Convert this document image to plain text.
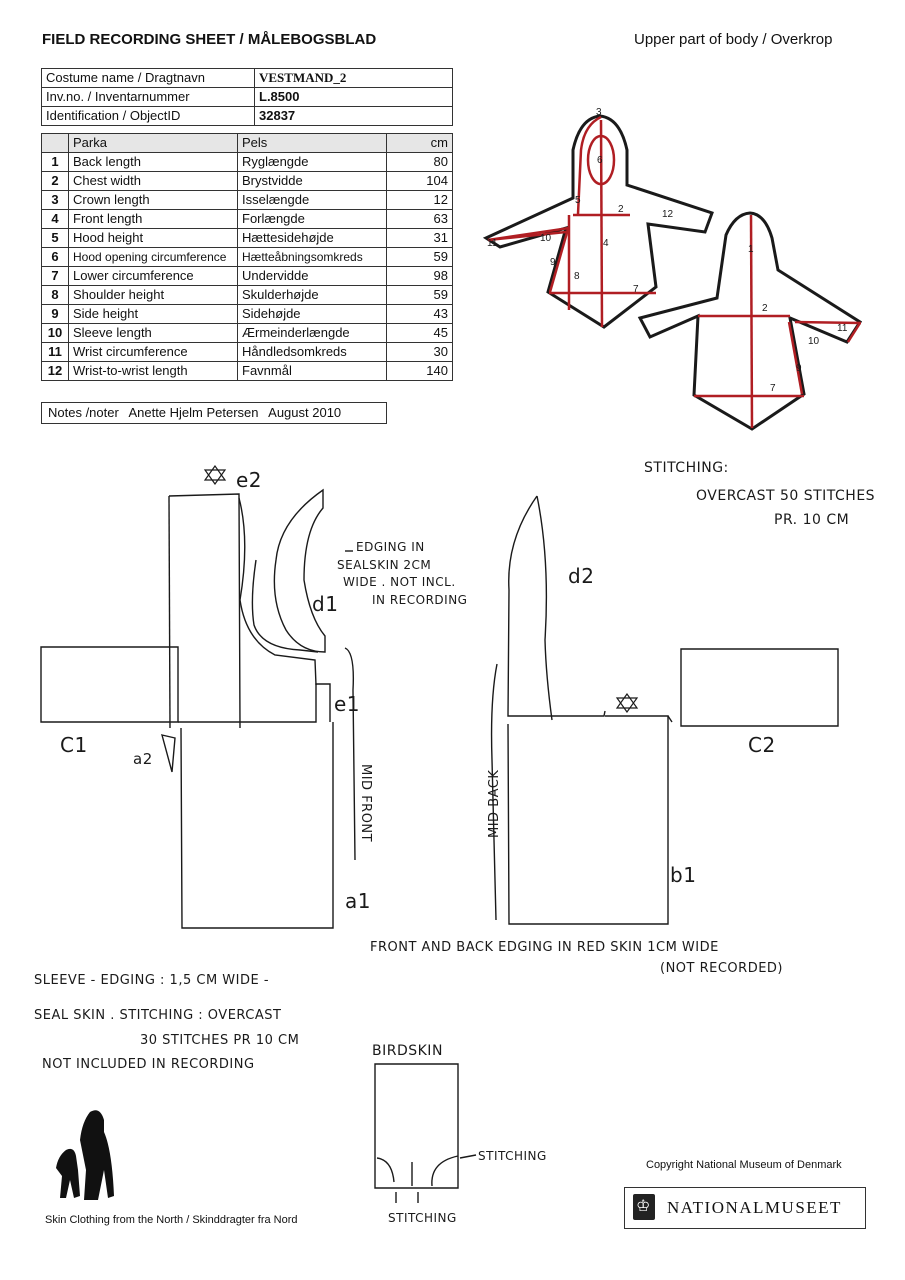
FIELD RECORDING SHEET / MÅLEBOGSBLAD	Upper part of body / Overkrop
Costume name / Dragtnavn	VESTMAND_2
Inv.no. / Inventarnummer	L.8500
Identification / ObjectID	32837
	Parka	Pels	cm
1	Back length	Ryglængde	80
2	Chest width	Brystvidde	104
3	Crown length	Isselængde	12
4	Front length	Forlængde	63
5	Hood height	Hættesidehøjde	31
6	Hood opening circumference	Hætteåbningsomkreds	59
7	Lower circumference	Undervidde	98
8	Shoulder height	Skulderhøjde	59
9	Side height	Sidehøjde	43
10	Sleeve length	Ærmeinderlængde	45
11	Wrist circumference	Håndledsomkreds	30
12	Wrist-to-wrist length	Favnmål	140
Notes /noter Anette Hjelm Petersen August 2010
3
6
5
2	12
11	10	4
9
8
7
1
2
11
10
9
7
e2
d1
e1
C1
a2
a1
d2
C2
b1
MID FRONT	MID BACK
EDGING IN
SEALSKIN 2CM
WIDE . NOT INCL.
IN RECORDING
STITCHING:
OVERCAST 50 STITCHES
PR. 10 CM
FRONT AND BACK EDGING IN RED SKIN 1CM WIDE
(NOT RECORDED)
SLEEVE - EDGING : 1,5 CM WIDE -
SEAL SKIN . STITCHING : OVERCAST
30 STITCHES PR 10 CM
NOT INCLUDED IN RECORDING
BIRDSKIN
STITCHING
STITCHING
Skin Clothing from the North / Skinddragter fra Nord
Copyright National Museum of Denmark
♔
NATIONALMUSEET
